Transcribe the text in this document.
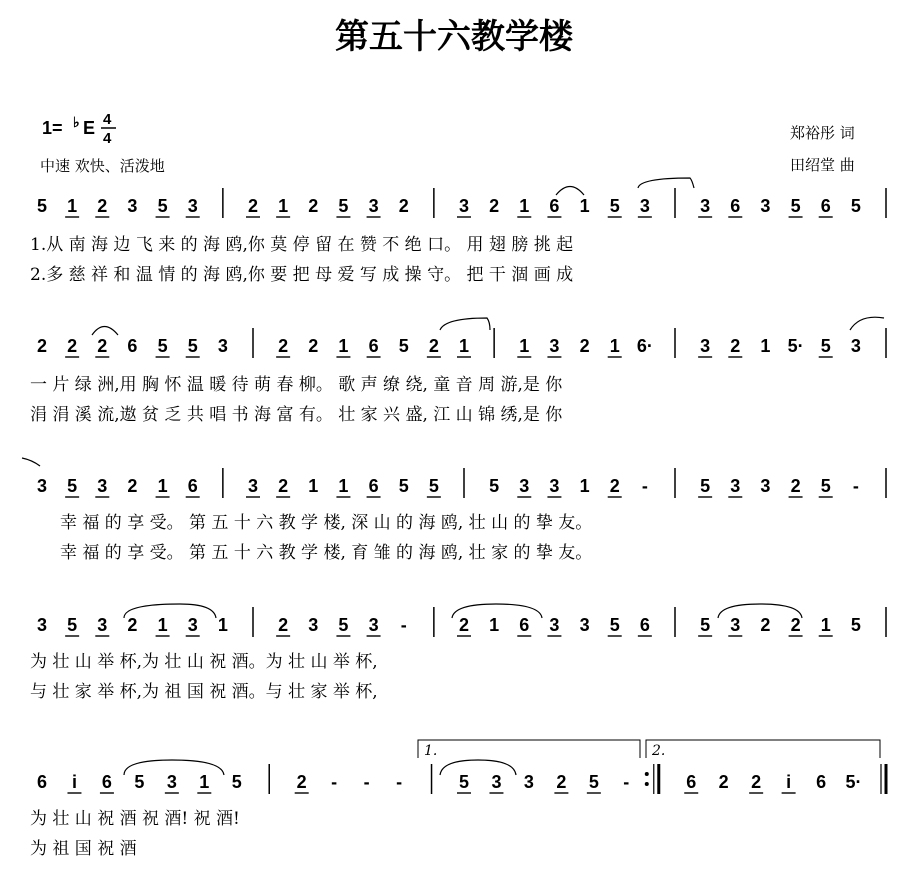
第五十六教学楼
1= ♭ E 4
4
中速 欢快、活泼地
郑裕彤 词
田绍堂 曲
1.	2.
5 1 2 3 5 3	2 1 2 5 3 2	3 2 1 6 1 5 3	3 6 3 5 6 5
1.从 南 海 边 飞 来 的 海 鸥,你 莫 停 留 在 赞 不 绝 口。 用 翅 膀 挑 起
2.多 慈 祥 和 温 情 的 海 鸥,你 要 把 母 爱 写 成 操 守。 把 干 涸 画 成
2 2 2 6 5 5 3	2 2 1 6 5 2 1	1 3 2 1 6·	3 2 1 5· 5 3
一 片 绿 洲,用 胸 怀 温 暖 待 萌 春 柳。 歌 声 缭 绕, 童 音 周 游,是 你
涓 涓 溪 流,遨 贫 乏 共 唱 书 海 富 有。 壮 家 兴 盛, 江 山 锦 绣,是 你
3 5 3 2 1 6	3 2 1 1 6 5 5	5 3 3 1 2 -	5 3 3 2 5 -
幸 福 的 享 受。 第 五 十 六 教 学 楼, 深 山 的 海 鸥, 壮 山 的 挚 友。
幸 福 的 享 受。 第 五 十 六 教 学 楼, 育 雏 的 海 鸥, 壮 家 的 挚 友。
3 5 3 2 1 3 1	2 3 5 3 -	2 1 6 3 3 5 6	5 3 2 2 1 5
为 壮 山 举 杯,为 壮 山 祝 酒。为 壮 山 举 杯,
与 壮 家 举 杯,为 祖 国 祝 酒。与 壮 家 举 杯,
6 i 6 5 3 1 5	2 - - -	5 3 3 2 5 -	6 2 2 i 6 5·
为 壮 山 祝 酒 祝 酒! 祝 酒!
为 祖 国 祝 酒
